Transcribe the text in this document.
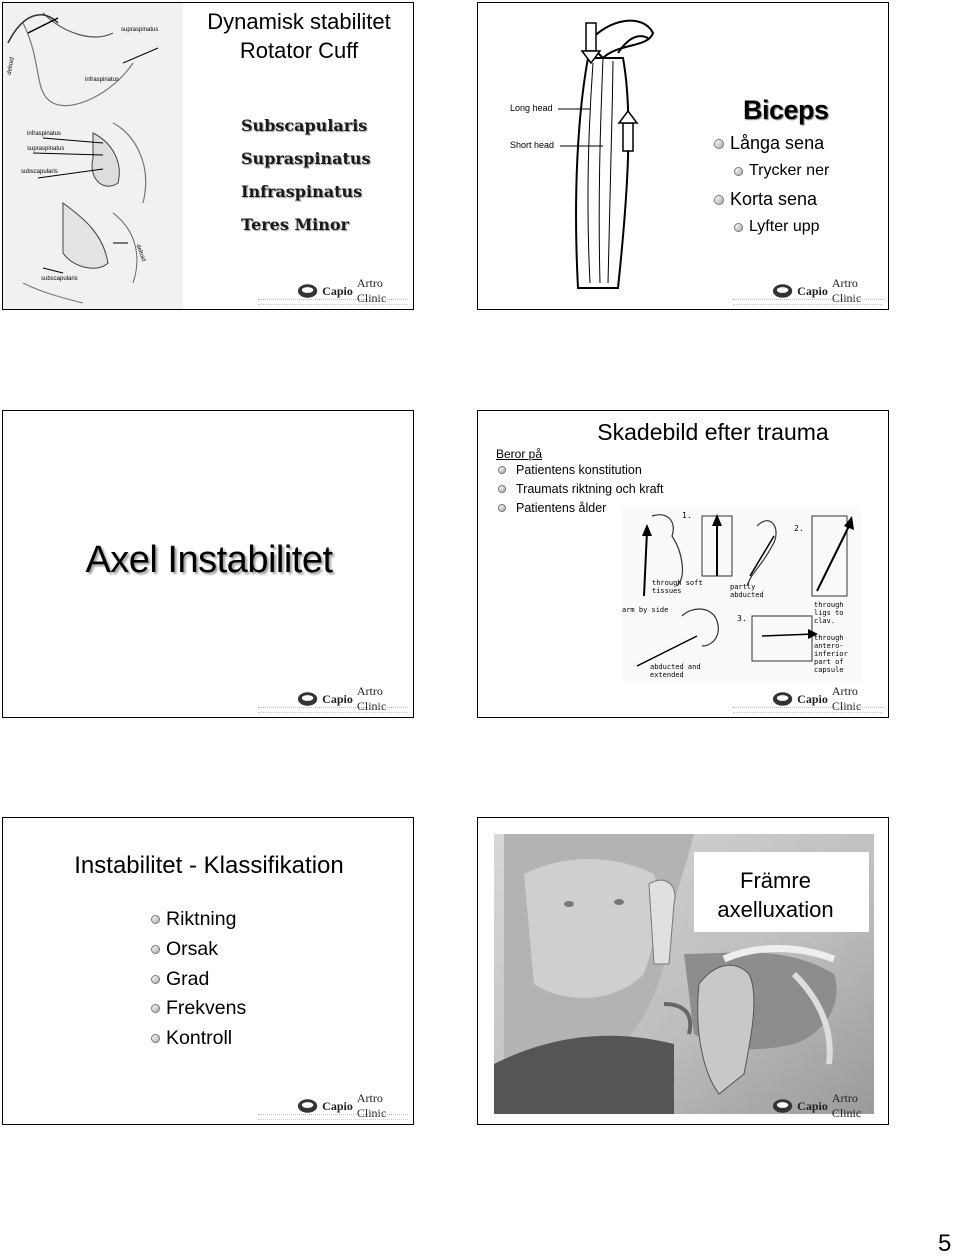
supraspinatus
infraspinatus
infraspinatus
supraspinatus
subscapularis
subscapularis
deltoid
deltoid
Dynamisk stabilitet
Rotator Cuff
Subscapularis
Supraspinatus
Infraspinatus
Teres Minor
Capio
Artro Clinic
Long head
Short head
Biceps
Långa sena
Trycker ner
Korta sena
Lyfter upp
Capio
Artro Clinic
Axel Instabilitet
Capio
Artro Clinic
Skadebild efter trauma
Beror på
Patientens konstitution
Traumats riktning och kraft
Patientens ålder
1.
2.
3.
through soft tissues	partly abducted
arm by side
through ligs to clav.
through antero-inferior part of capsule
abducted and extended
Capio
Artro Clinic
Instabilitet - Klassifikation
Riktning
Orsak
Grad
Frekvens
Kontroll
Capio
Artro Clinic
Främre
axelluxation
Capio
Artro Clinic
5
